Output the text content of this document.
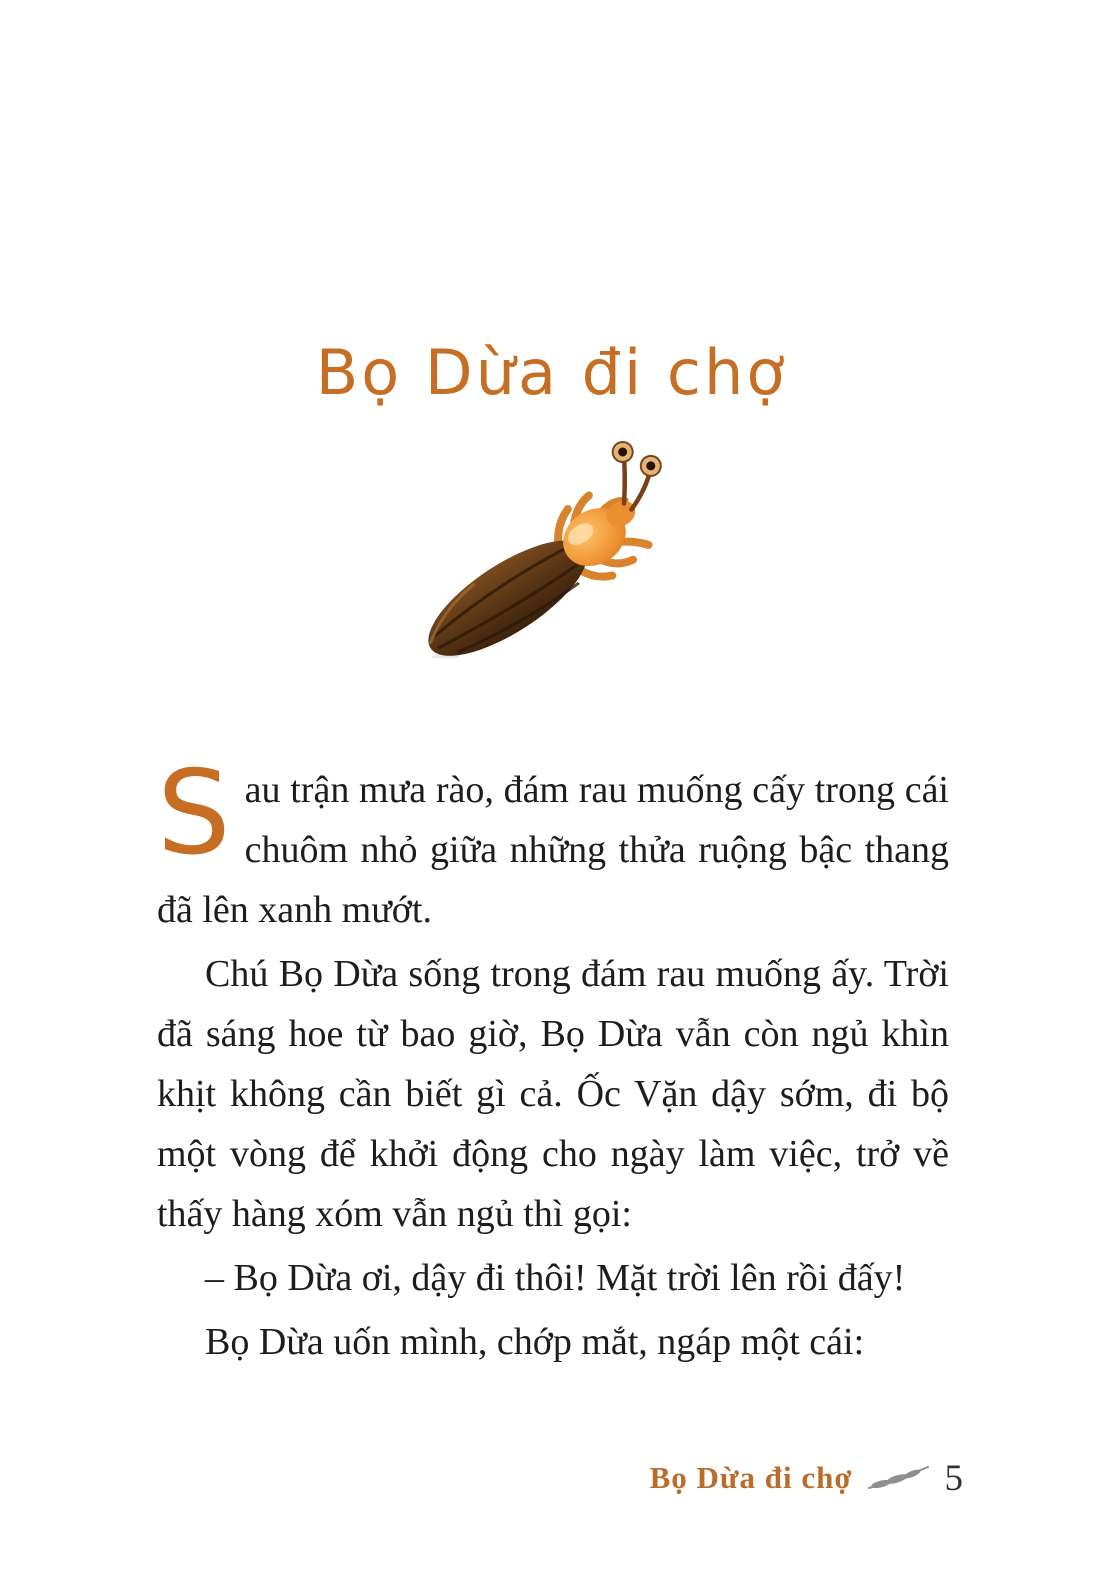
Bọ Dừa đi chợ

Sau trận mưa rào, đám rau muống cấy trong cái chuôm nhỏ giữa những thửa ruộng bậc thang đã lên xanh mướt.

Chú Bọ Dừa sống trong đám rau muống ấy. Trời đã sáng hoe từ bao giờ, Bọ Dừa vẫn còn ngủ khìn khịt không cần biết gì cả. Ốc Vặn dậy sớm, đi bộ một vòng để khởi động cho ngày làm việc, trở về thấy hàng xóm vẫn ngủ thì gọi:

– Bọ Dừa ơi, dậy đi thôi! Mặt trời lên rồi đấy!

Bọ Dừa uốn mình, chớp mắt, ngáp một cái:

Bọ Dừa đi chợ 5
